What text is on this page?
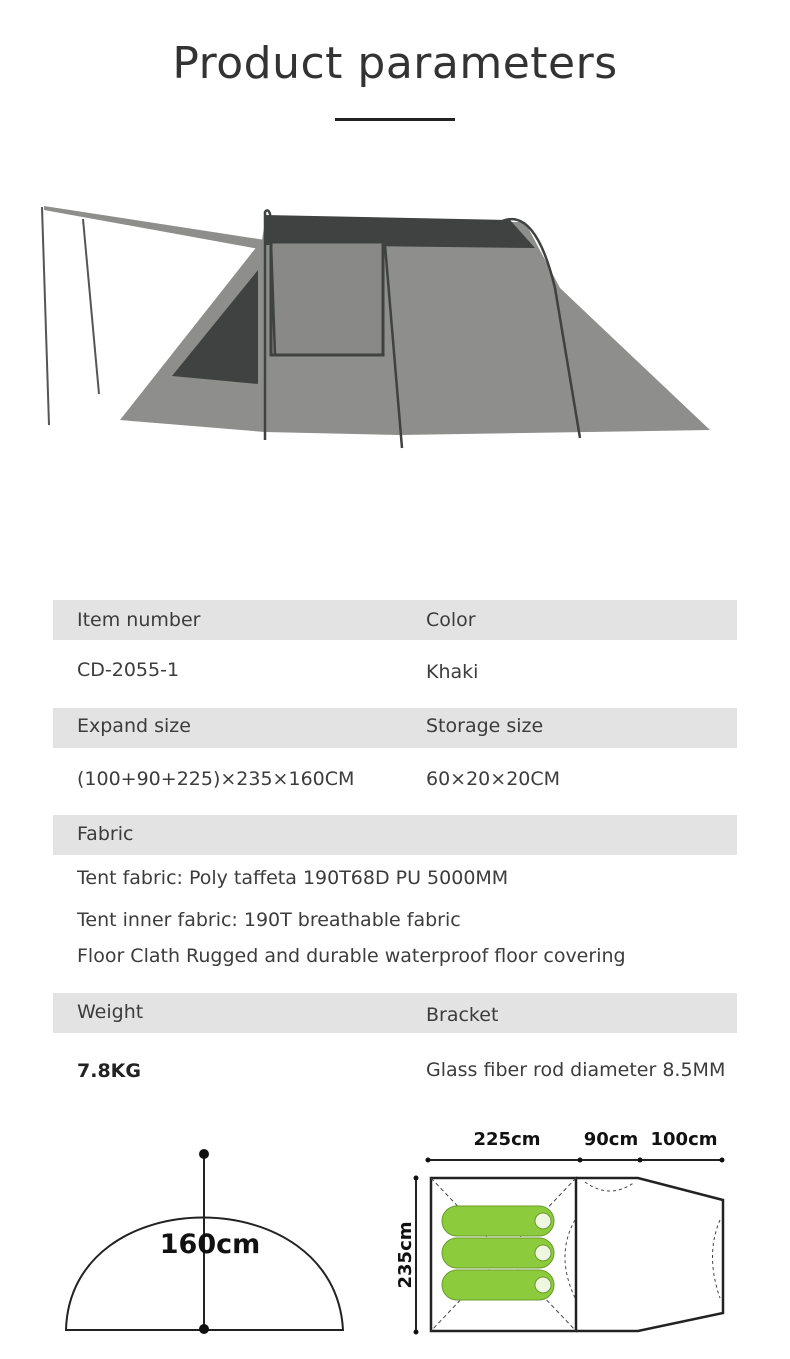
Product parameters
Item number	Color
CD-2055-1	Khaki
Expand size	Storage size
(100+90+225)×235×160CM	60×20×20CM
Fabric
Tent fabric: Poly taffeta 190T68D PU 5000MM
Tent inner fabric: 190T breathable fabric
Floor Clath Rugged and durable waterproof floor covering
Weight	Bracket
7.8KG	Glass fiber rod diameter 8.5MM
160cm
225cm 90cm 100cm
235cm
